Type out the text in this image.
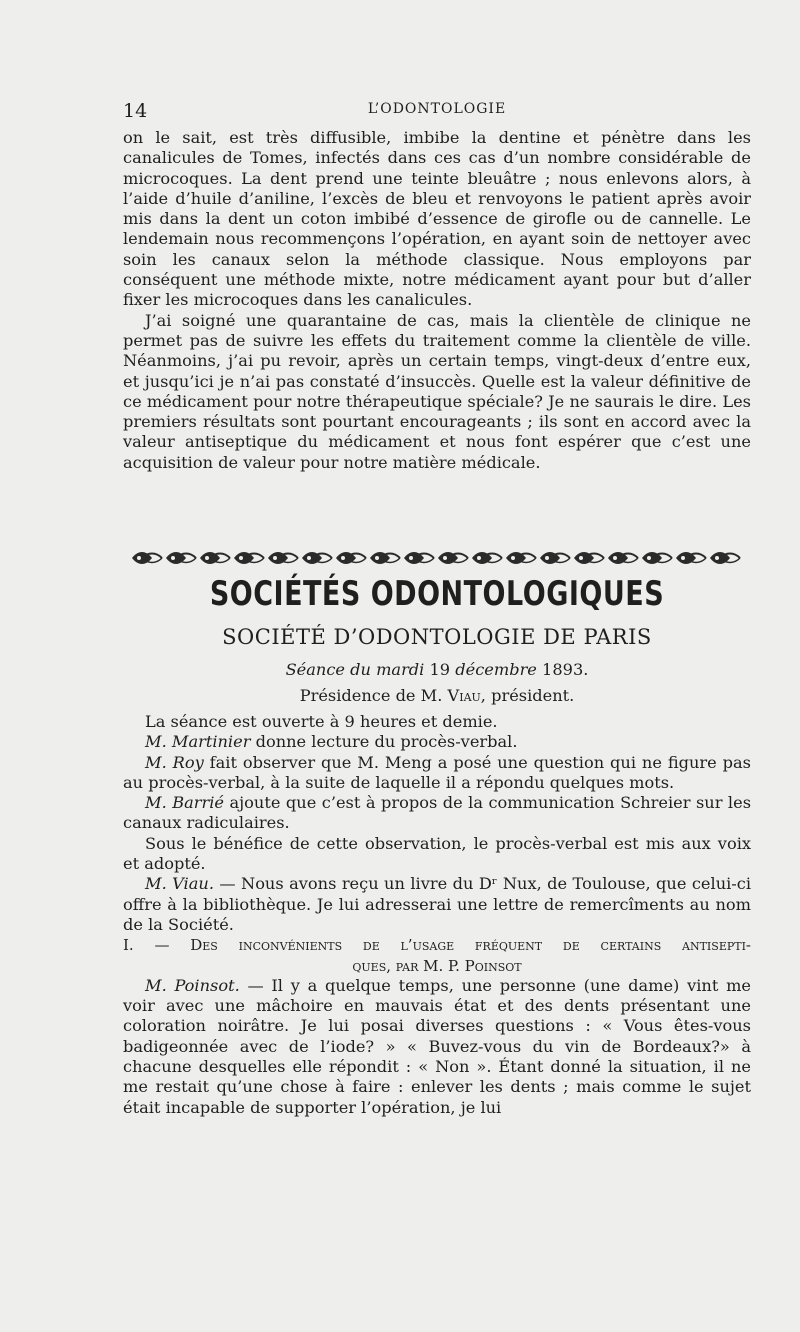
14	L’ODONTOLOGIE

on le sait, est très diffusible, imbibe la dentine et pénètre dans les canalicules de Tomes, infectés dans ces cas d’un nombre considérable de microcoques. La dent prend une teinte bleuâtre ; nous enlevons alors, à l’aide d’huile d’aniline, l’excès de bleu et renvoyons le patient après avoir mis dans la dent un coton imbibé d’essence de girofle ou de cannelle. Le lendemain nous recommençons l’opération, en ayant soin de nettoyer avec soin les canaux selon la méthode classique. Nous employons par conséquent une méthode mixte, notre médicament ayant pour but d’aller fixer les microcoques dans les canalicules.

J’ai soigné une quarantaine de cas, mais la clientèle de clinique ne permet pas de suivre les effets du traitement comme la clientèle de ville. Néanmoins, j’ai pu revoir, après un certain temps, vingt-deux d’entre eux, et jusqu’ici je n’ai pas constaté d’insuccès. Quelle est la valeur définitive de ce médicament pour notre thérapeutique spéciale? Je ne saurais le dire. Les premiers résultats sont pourtant encourageants ; ils sont en accord avec la valeur antiseptique du médicament et nous font espérer que c’est une acquisition de valeur pour notre matière médicale.

SOCIÉTÉS ODONTOLOGIQUES
SOCIÉTÉ D’ODONTOLOGIE DE PARIS
Séance du mardi 19 décembre 1893.
Présidence de M. Viau, président.

La séance est ouverte à 9 heures et demie.

M. Martinier donne lecture du procès-verbal.

M. Roy fait observer que M. Meng a posé une question qui ne figure pas au procès-verbal, à la suite de laquelle il a répondu quelques mots.

M. Barrié ajoute que c’est à propos de la communication Schreier sur les canaux radiculaires.

Sous le bénéfice de cette observation, le procès-verbal est mis aux voix et adopté.

M. Viau. — Nous avons reçu un livre du Dʳ Nux, de Toulouse, que celui-ci offre à la bibliothèque. Je lui adresserai une lettre de remercîments au nom de la Société.

I. — Des inconvénients de l’usage fréquent de certains antisepti-

ques, par M. P. Poinsot

M. Poinsot. — Il y a quelque temps, une personne (une dame) vint me voir avec une mâchoire en mauvais état et des dents présentant une coloration noirâtre. Je lui posai diverses questions : « Vous êtes-vous badigeonnée avec de l’iode? » « Buvez-vous du vin de Bordeaux?» à chacune desquelles elle répondit : « Non ». Étant donné la situation, il ne me restait qu’une chose à faire : enlever les dents ; mais comme le sujet était incapable de supporter l’opération, je lui
